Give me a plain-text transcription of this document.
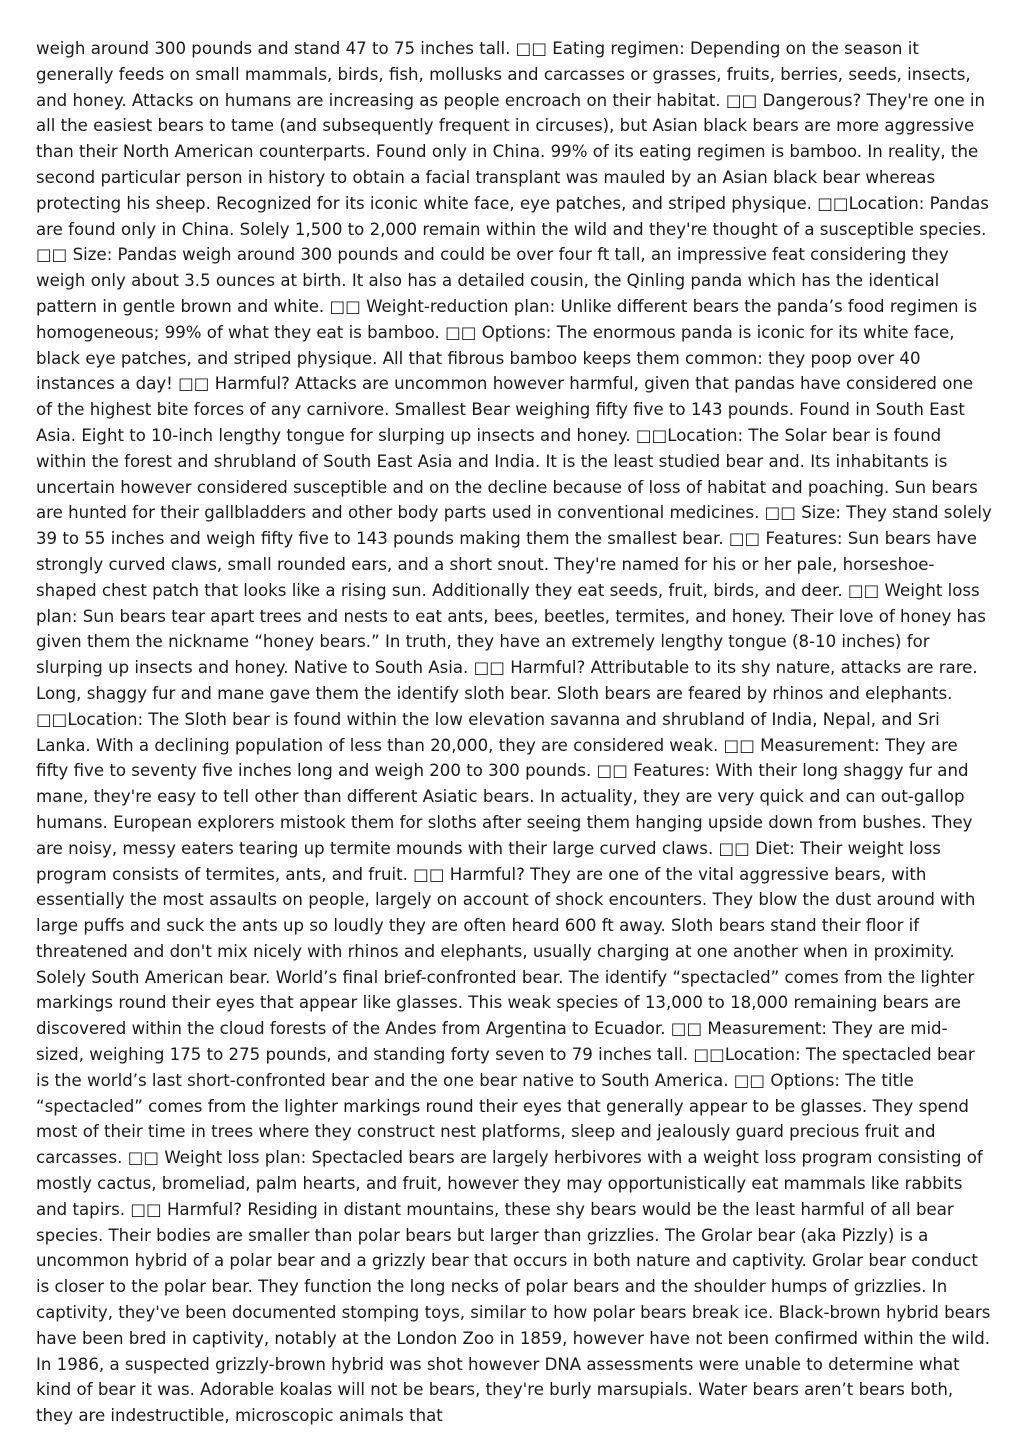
weigh around 300 pounds and stand 47 to 75 inches tall. □□ Eating regimen: Depending on the season it generally feeds on small mammals, birds, fish, mollusks and carcasses or grasses, fruits, berries, seeds, insects, and honey. Attacks on humans are increasing as people encroach on their habitat. □□ Dangerous? They're one in all the easiest bears to tame (and subsequently frequent in circuses), but Asian black bears are more aggressive than their North American counterparts. Found only in China. 99% of its eating regimen is bamboo. In reality, the second particular person in history to obtain a facial transplant was mauled by an Asian black bear whereas protecting his sheep. Recognized for its iconic white face, eye patches, and striped physique. □□Location: Pandas are found only in China. Solely 1,500 to 2,000 remain within the wild and they're thought of a susceptible species. □□ Size: Pandas weigh around 300 pounds and could be over four ft tall, an impressive feat considering they weigh only about 3.5 ounces at birth. It also has a detailed cousin, the Qinling panda which has the identical pattern in gentle brown and white. □□ Weight-reduction plan: Unlike different bears the panda’s food regimen is homogeneous; 99% of what they eat is bamboo. □□ Options: The enormous panda is iconic for its white face, black eye patches, and striped physique. All that fibrous bamboo keeps them common: they poop over 40 instances a day! □□ Harmful? Attacks are uncommon however harmful, given that pandas have considered one of the highest bite forces of any carnivore. Smallest Bear weighing fifty five to 143 pounds. Found in South East Asia. Eight to 10-inch lengthy tongue for slurping up insects and honey. □□Location: The Solar bear is found within the forest and shrubland of South East Asia and India. It is the least studied bear and. Its inhabitants is uncertain however considered susceptible and on the decline because of loss of habitat and poaching. Sun bears are hunted for their gallbladders and other body parts used in conventional medicines. □□ Size: They stand solely 39 to 55 inches and weigh fifty five to 143 pounds making them the smallest bear. □□ Features: Sun bears have strongly curved claws, small rounded ears, and a short snout. They're named for his or her pale, horseshoe-shaped chest patch that looks like a rising sun. Additionally they eat seeds, fruit, birds, and deer. □□ Weight loss plan: Sun bears tear apart trees and nests to eat ants, bees, beetles, termites, and honey. Their love of honey has given them the nickname “honey bears.” In truth, they have an extremely lengthy tongue (8-10 inches) for slurping up insects and honey. Native to South Asia. □□ Harmful? Attributable to its shy nature, attacks are rare. Long, shaggy fur and mane gave them the identify sloth bear. Sloth bears are feared by rhinos and elephants. □□Location: The Sloth bear is found within the low elevation savanna and shrubland of India, Nepal, and Sri Lanka. With a declining population of less than 20,000, they are considered weak. □□ Measurement: They are fifty five to seventy five inches long and weigh 200 to 300 pounds. □□ Features: With their long shaggy fur and mane, they're easy to tell other than different Asiatic bears. In actuality, they are very quick and can out-gallop humans. European explorers mistook them for sloths after seeing them hanging upside down from bushes. They are noisy, messy eaters tearing up termite mounds with their large curved claws. □□ Diet: Their weight loss program consists of termites, ants, and fruit. □□ Harmful? They are one of the vital aggressive bears, with essentially the most assaults on people, largely on account of shock encounters. They blow the dust around with large puffs and suck the ants up so loudly they are often heard 600 ft away. Sloth bears stand their floor if threatened and don't mix nicely with rhinos and elephants, usually charging at one another when in proximity. Solely South American bear. World’s final brief-confronted bear. The identify “spectacled” comes from the lighter markings round their eyes that appear like glasses. This weak species of 13,000 to 18,000 remaining bears are discovered within the cloud forests of the Andes from Argentina to Ecuador. □□ Measurement: They are mid-sized, weighing 175 to 275 pounds, and standing forty seven to 79 inches tall. □□Location: The spectacled bear is the world’s last short-confronted bear and the one bear native to South America. □□ Options: The title “spectacled” comes from the lighter markings round their eyes that generally appear to be glasses. They spend most of their time in trees where they construct nest platforms, sleep and jealously guard precious fruit and carcasses. □□ Weight loss plan: Spectacled bears are largely herbivores with a weight loss program consisting of mostly cactus, bromeliad, palm hearts, and fruit, however they may opportunistically eat mammals like rabbits and tapirs. □□ Harmful? Residing in distant mountains, these shy bears would be the least harmful of all bear species. Their bodies are smaller than polar bears but larger than grizzlies. The Grolar bear (aka Pizzly) is a uncommon hybrid of a polar bear and a grizzly bear that occurs in both nature and captivity. Grolar bear conduct is closer to the polar bear. They function the long necks of polar bears and the shoulder humps of grizzlies. In captivity, they've been documented stomping toys, similar to how polar bears break ice. Black-brown hybrid bears have been bred in captivity, notably at the London Zoo in 1859, however have not been confirmed within the wild. In 1986, a suspected grizzly-brown hybrid was shot however DNA assessments were unable to determine what kind of bear it was. Adorable koalas will not be bears, they're burly marsupials. Water bears aren’t bears both, they are indestructible, microscopic animals that
